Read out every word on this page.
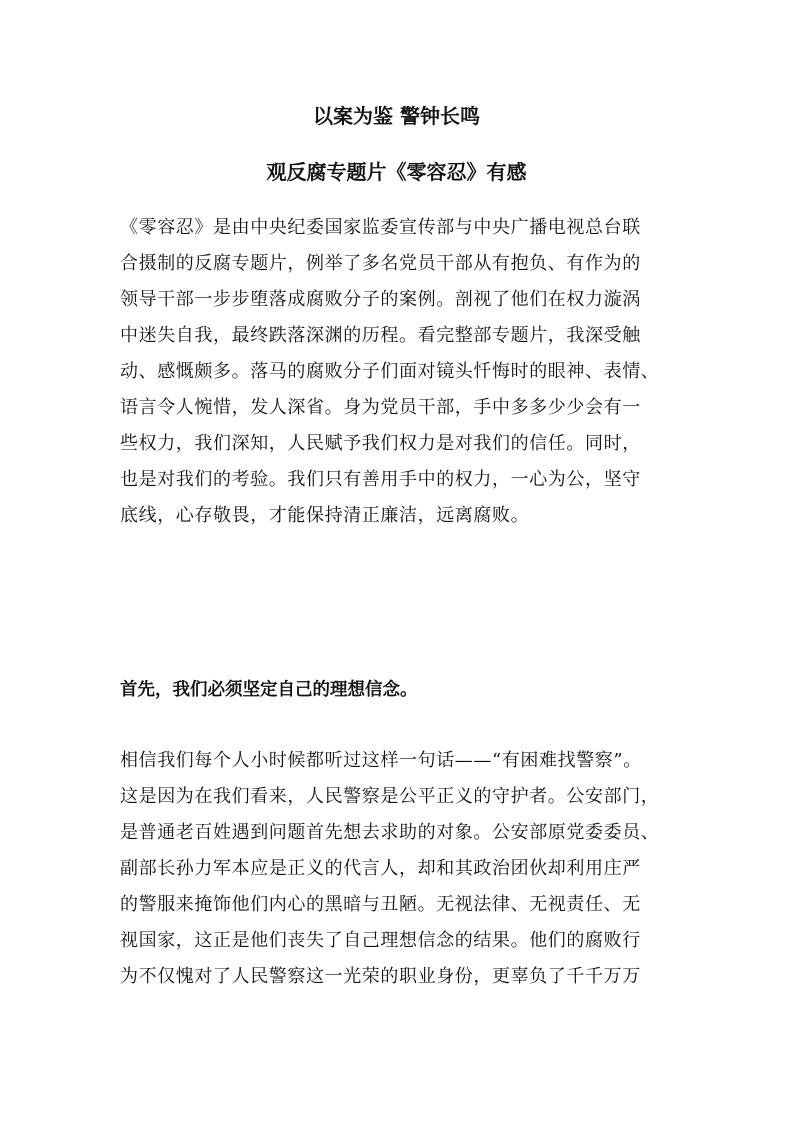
以案为鉴 警钟长鸣
观反腐专题片《零容忍》有感
《零容忍》是由中央纪委国家监委宣传部与中央广播电视总台联
合摄制的反腐专题片，例举了多名党员干部从有抱负、有作为的
领导干部一步步堕落成腐败分子的案例。剖视了他们在权力漩涡
中迷失自我，最终跌落深渊的历程。看完整部专题片，我深受触
动、感慨颇多。落马的腐败分子们面对镜头忏悔时的眼神、表情、
语言令人惋惜，发人深省。身为党员干部，手中多多少少会有一
些权力，我们深知，人民赋予我们权力是对我们的信任。同时，
也是对我们的考验。我们只有善用手中的权力，一心为公，坚守
底线，心存敬畏，才能保持清正廉洁，远离腐败。
首先，我们必须坚定自己的理想信念。
相信我们每个人小时候都听过这样一句话——“有困难找警察”。
这是因为在我们看来，人民警察是公平正义的守护者。公安部门，
是普通老百姓遇到问题首先想去求助的对象。公安部原党委委员、
副部长孙力军本应是正义的代言人，却和其政治团伙却利用庄严
的警服来掩饰他们内心的黑暗与丑陋。无视法律、无视责任、无
视国家，这正是他们丧失了自己理想信念的结果。他们的腐败行
为不仅愧对了人民警察这一光荣的职业身份，更辜负了千千万万
